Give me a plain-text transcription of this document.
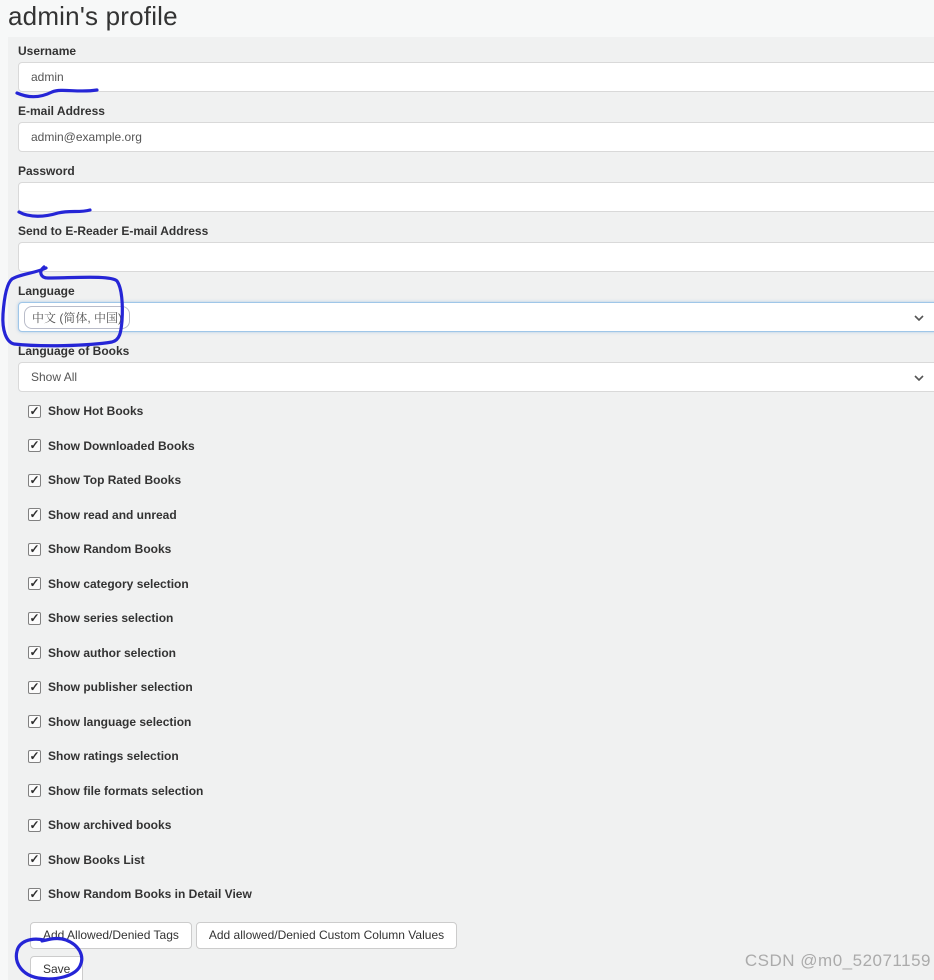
admin's profile
Username
admin
E-mail Address
admin@example.org
Password
Send to E-Reader E-mail Address
Language
中文 (简体, 中国)
Language of Books
Show All
✓ Show Hot Books
✓ Show Downloaded Books
✓ Show Top Rated Books
✓ Show read and unread
✓ Show Random Books
✓ Show category selection
✓ Show series selection
✓ Show author selection
✓ Show publisher selection
✓ Show language selection
✓ Show ratings selection
✓ Show file formats selection
✓ Show archived books
✓ Show Books List
✓ Show Random Books in Detail View
Add Allowed/Denied Tags	Add allowed/Denied Custom Column Values
Save	CSDN @m0_52071159
